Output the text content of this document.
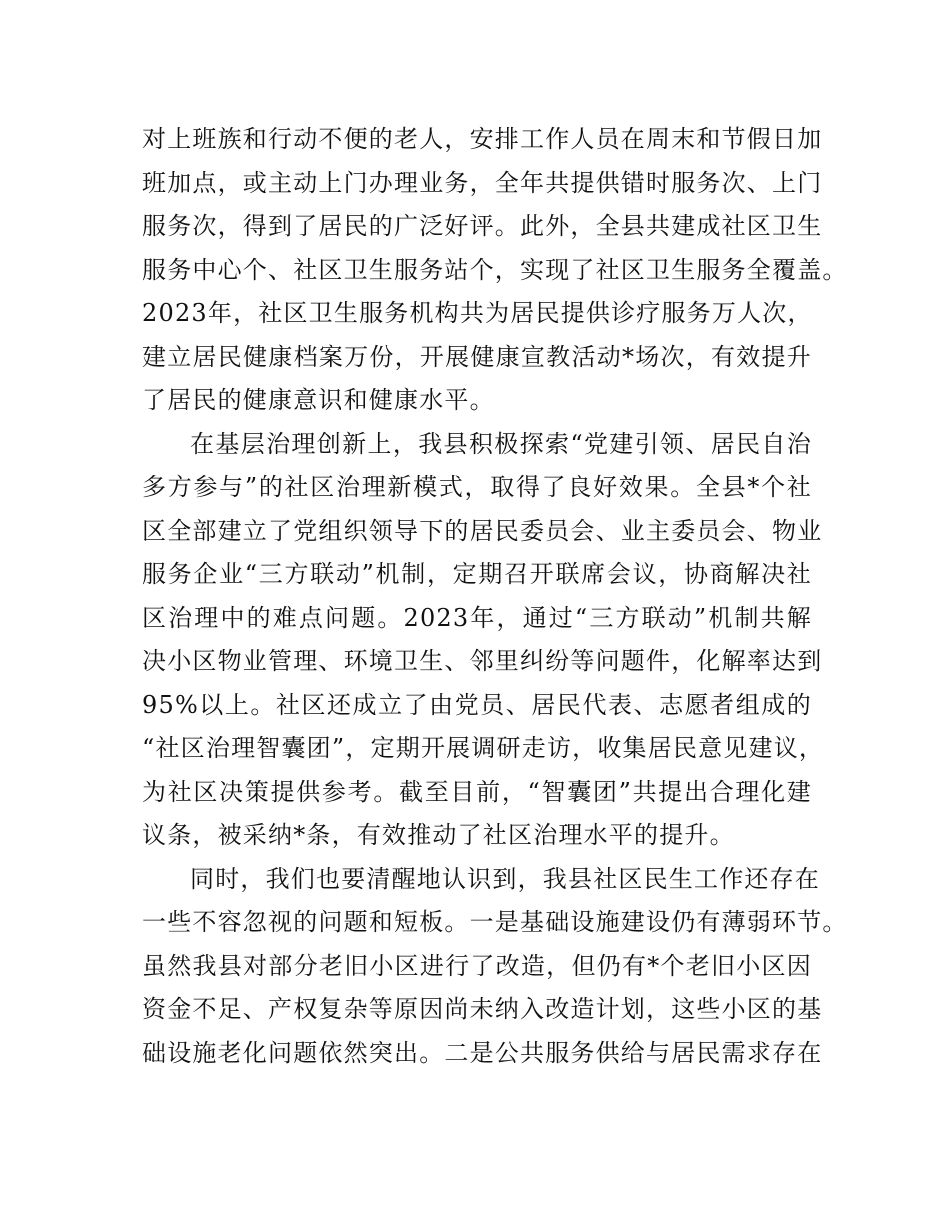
对上班族和行动不便的老人，安排工作人员在周末和节假日加
班加点，或主动上门办理业务，全年共提供错时服务次、上门
服务次，得到了居民的广泛好评。此外，全县共建成社区卫生
服务中心个、社区卫生服务站个，实现了社区卫生服务全覆盖。
2023年，社区卫生服务机构共为居民提供诊疗服务万人次，
建立居民健康档案万份，开展健康宣教活动*场次，有效提升
了居民的健康意识和健康水平。
在基层治理创新上，我县积极探索“党建引领、居民自治
多方参与”的社区治理新模式，取得了良好效果。全县*个社
区全部建立了党组织领导下的居民委员会、业主委员会、物业
服务企业“三方联动”机制，定期召开联席会议，协商解决社
区治理中的难点问题。2023年，通过“三方联动”机制共解
决小区物业管理、环境卫生、邻里纠纷等问题件，化解率达到
95%以上。社区还成立了由党员、居民代表、志愿者组成的
“社区治理智囊团”，定期开展调研走访，收集居民意见建议，
为社区决策提供参考。截至目前，“智囊团”共提出合理化建
议条，被采纳*条，有效推动了社区治理水平的提升。
同时，我们也要清醒地认识到，我县社区民生工作还存在
一些不容忽视的问题和短板。一是基础设施建设仍有薄弱环节。
虽然我县对部分老旧小区进行了改造，但仍有*个老旧小区因
资金不足、产权复杂等原因尚未纳入改造计划，这些小区的基
础设施老化问题依然突出。二是公共服务供给与居民需求存在
